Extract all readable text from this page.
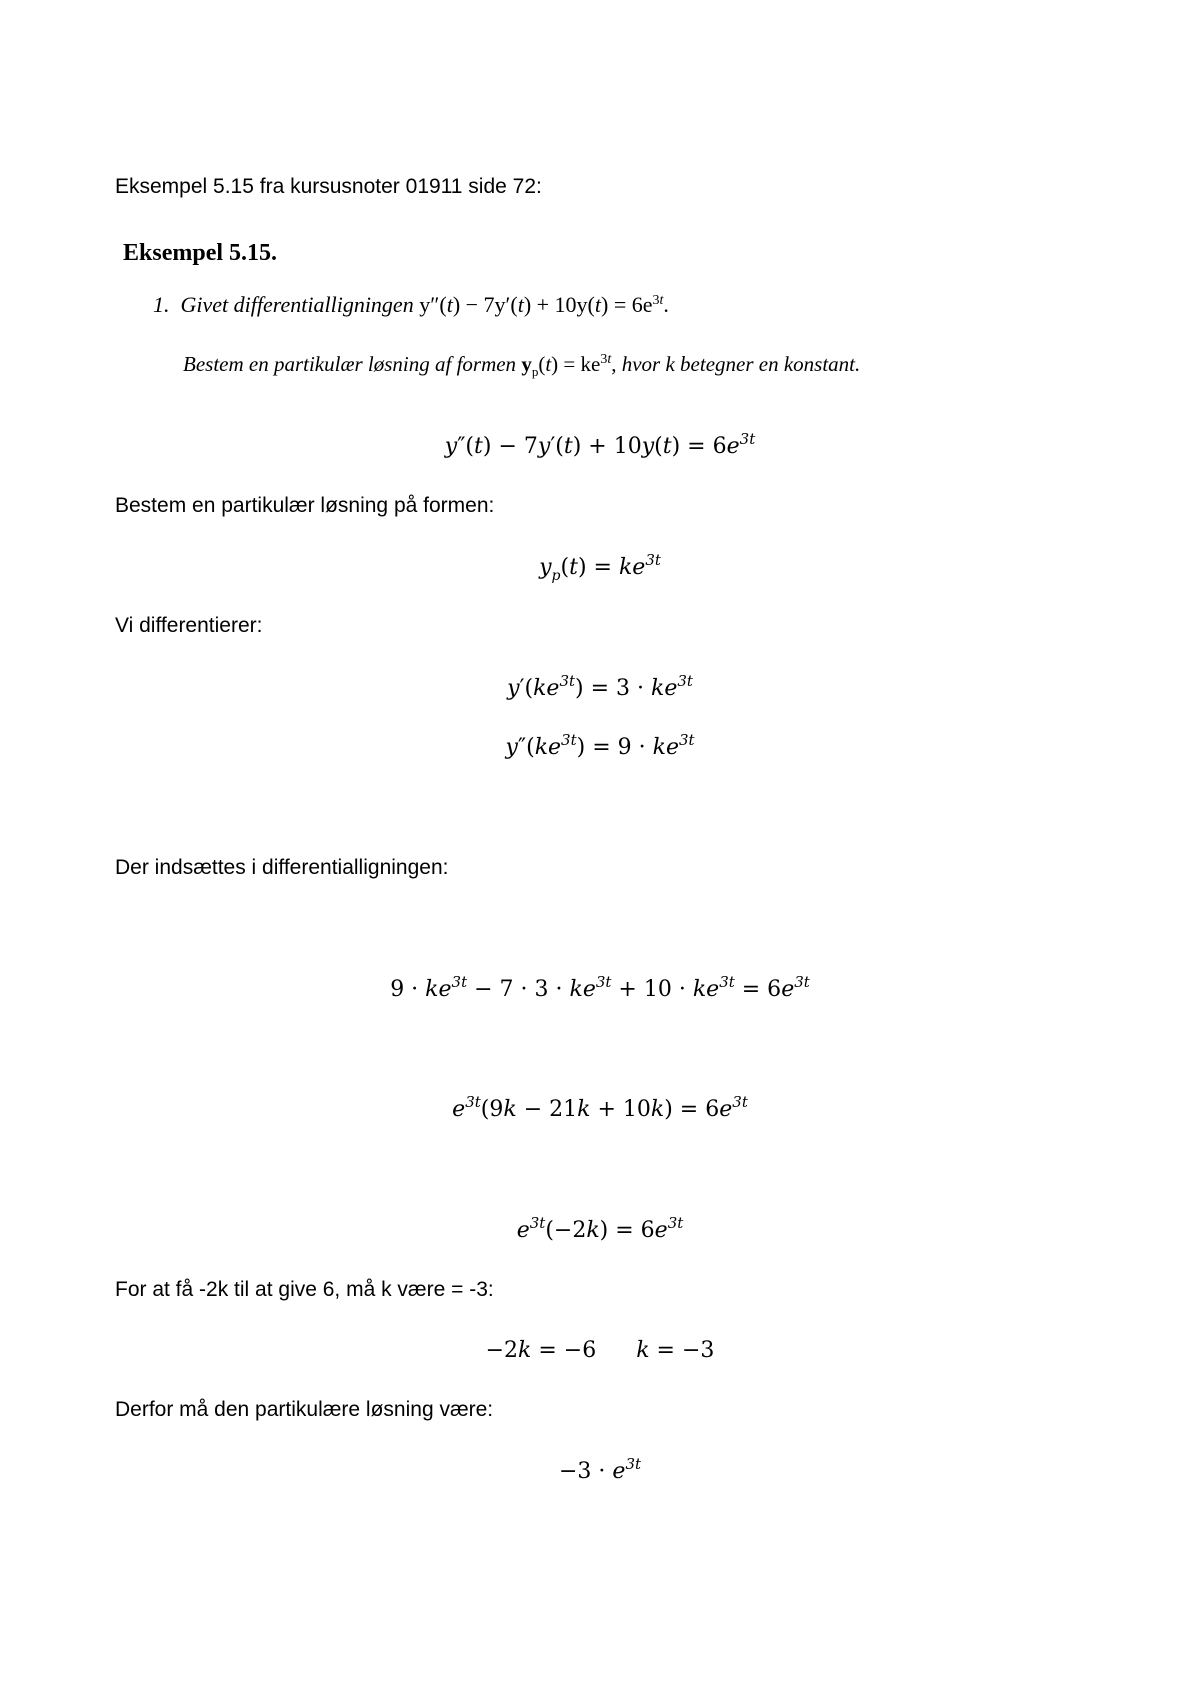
Eksempel 5.15 fra kursusnoter 01911 side 72:
Eksempel 5.15.
1. Givet differentialligningen $y''(t) - 7y'(t) + 10y(t) = 6e^{3t}$.
Bestem en partikulær løsning af formen $y_p(t) = ke^{3t}$, hvor k betegner en konstant.
$y''(t) - 7y'(t) + 10y(t) = 6e^{3t}$
Bestem en partikulær løsning på formen:
$y_p(t) = ke^{3t}$
Vi differentierer:
$y'(ke^{3t}) = 3 \cdot ke^{3t}$
$y''(ke^{3t}) = 9 \cdot ke^{3t}$
Der indsættes i differentialligningen:
$9 \cdot ke^{3t} - 7 \cdot 3 \cdot ke^{3t} + 10 \cdot ke^{3t} = 6e^{3t}$
$e^{3t}(9k - 21k + 10k) = 6e^{3t}$
$e^{3t}(-2k) = 6e^{3t}$
For at få -2k til at give 6, må k være = -3:
−2k = −6 k = −3
Derfor må den partikulære løsning være:
$-3 \cdot e^{3t}$
